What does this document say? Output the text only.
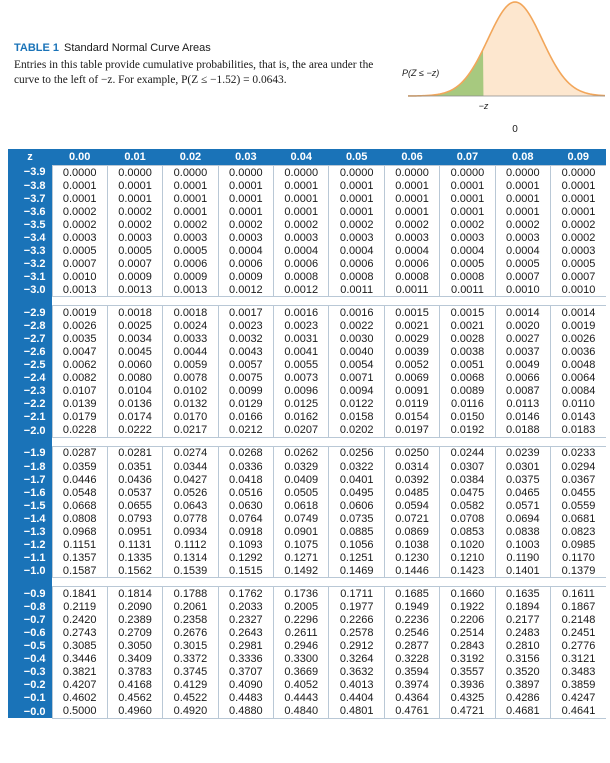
TABLE 1 Standard Normal Curve Areas
Entries in this table provide cumulative probabilities, that is, the area under the curve to the left of −z. For example, P(Z ≤ −1.52) = 0.0643.
P(Z ≤ −z)
−z
0
z	0.00	0.01	0.02	0.03	0.04	0.05	0.06	0.07	0.08	0.09
−3.9	0.0000	0.0000	0.0000	0.0000	0.0000	0.0000	0.0000	0.0000	0.0000	0.0000
−3.8	0.0001	0.0001	0.0001	0.0001	0.0001	0.0001	0.0001	0.0001	0.0001	0.0001
−3.7	0.0001	0.0001	0.0001	0.0001	0.0001	0.0001	0.0001	0.0001	0.0001	0.0001
−3.6	0.0002	0.0002	0.0001	0.0001	0.0001	0.0001	0.0001	0.0001	0.0001	0.0001
−3.5	0.0002	0.0002	0.0002	0.0002	0.0002	0.0002	0.0002	0.0002	0.0002	0.0002
−3.4	0.0003	0.0003	0.0003	0.0003	0.0003	0.0003	0.0003	0.0003	0.0003	0.0002
−3.3	0.0005	0.0005	0.0005	0.0004	0.0004	0.0004	0.0004	0.0004	0.0004	0.0003
−3.2	0.0007	0.0007	0.0006	0.0006	0.0006	0.0006	0.0006	0.0005	0.0005	0.0005
−3.1	0.0010	0.0009	0.0009	0.0009	0.0008	0.0008	0.0008	0.0008	0.0007	0.0007
−3.0	0.0013	0.0013	0.0013	0.0012	0.0012	0.0011	0.0011	0.0011	0.0010	0.0010

−2.9	0.0019	0.0018	0.0018	0.0017	0.0016	0.0016	0.0015	0.0015	0.0014	0.0014
−2.8	0.0026	0.0025	0.0024	0.0023	0.0023	0.0022	0.0021	0.0021	0.0020	0.0019
−2.7	0.0035	0.0034	0.0033	0.0032	0.0031	0.0030	0.0029	0.0028	0.0027	0.0026
−2.6	0.0047	0.0045	0.0044	0.0043	0.0041	0.0040	0.0039	0.0038	0.0037	0.0036
−2.5	0.0062	0.0060	0.0059	0.0057	0.0055	0.0054	0.0052	0.0051	0.0049	0.0048
−2.4	0.0082	0.0080	0.0078	0.0075	0.0073	0.0071	0.0069	0.0068	0.0066	0.0064
−2.3	0.0107	0.0104	0.0102	0.0099	0.0096	0.0094	0.0091	0.0089	0.0087	0.0084
−2.2	0.0139	0.0136	0.0132	0.0129	0.0125	0.0122	0.0119	0.0116	0.0113	0.0110
−2.1	0.0179	0.0174	0.0170	0.0166	0.0162	0.0158	0.0154	0.0150	0.0146	0.0143
−2.0	0.0228	0.0222	0.0217	0.0212	0.0207	0.0202	0.0197	0.0192	0.0188	0.0183

−1.9	0.0287	0.0281	0.0274	0.0268	0.0262	0.0256	0.0250	0.0244	0.0239	0.0233
−1.8	0.0359	0.0351	0.0344	0.0336	0.0329	0.0322	0.0314	0.0307	0.0301	0.0294
−1.7	0.0446	0.0436	0.0427	0.0418	0.0409	0.0401	0.0392	0.0384	0.0375	0.0367
−1.6	0.0548	0.0537	0.0526	0.0516	0.0505	0.0495	0.0485	0.0475	0.0465	0.0455
−1.5	0.0668	0.0655	0.0643	0.0630	0.0618	0.0606	0.0594	0.0582	0.0571	0.0559
−1.4	0.0808	0.0793	0.0778	0.0764	0.0749	0.0735	0.0721	0.0708	0.0694	0.0681
−1.3	0.0968	0.0951	0.0934	0.0918	0.0901	0.0885	0.0869	0.0853	0.0838	0.0823
−1.2	0.1151	0.1131	0.1112	0.1093	0.1075	0.1056	0.1038	0.1020	0.1003	0.0985
−1.1	0.1357	0.1335	0.1314	0.1292	0.1271	0.1251	0.1230	0.1210	0.1190	0.1170
−1.0	0.1587	0.1562	0.1539	0.1515	0.1492	0.1469	0.1446	0.1423	0.1401	0.1379

−0.9	0.1841	0.1814	0.1788	0.1762	0.1736	0.1711	0.1685	0.1660	0.1635	0.1611
−0.8	0.2119	0.2090	0.2061	0.2033	0.2005	0.1977	0.1949	0.1922	0.1894	0.1867
−0.7	0.2420	0.2389	0.2358	0.2327	0.2296	0.2266	0.2236	0.2206	0.2177	0.2148
−0.6	0.2743	0.2709	0.2676	0.2643	0.2611	0.2578	0.2546	0.2514	0.2483	0.2451
−0.5	0.3085	0.3050	0.3015	0.2981	0.2946	0.2912	0.2877	0.2843	0.2810	0.2776
−0.4	0.3446	0.3409	0.3372	0.3336	0.3300	0.3264	0.3228	0.3192	0.3156	0.3121
−0.3	0.3821	0.3783	0.3745	0.3707	0.3669	0.3632	0.3594	0.3557	0.3520	0.3483
−0.2	0.4207	0.4168	0.4129	0.4090	0.4052	0.4013	0.3974	0.3936	0.3897	0.3859
−0.1	0.4602	0.4562	0.4522	0.4483	0.4443	0.4404	0.4364	0.4325	0.4286	0.4247
−0.0	0.5000	0.4960	0.4920	0.4880	0.4840	0.4801	0.4761	0.4721	0.4681	0.4641
